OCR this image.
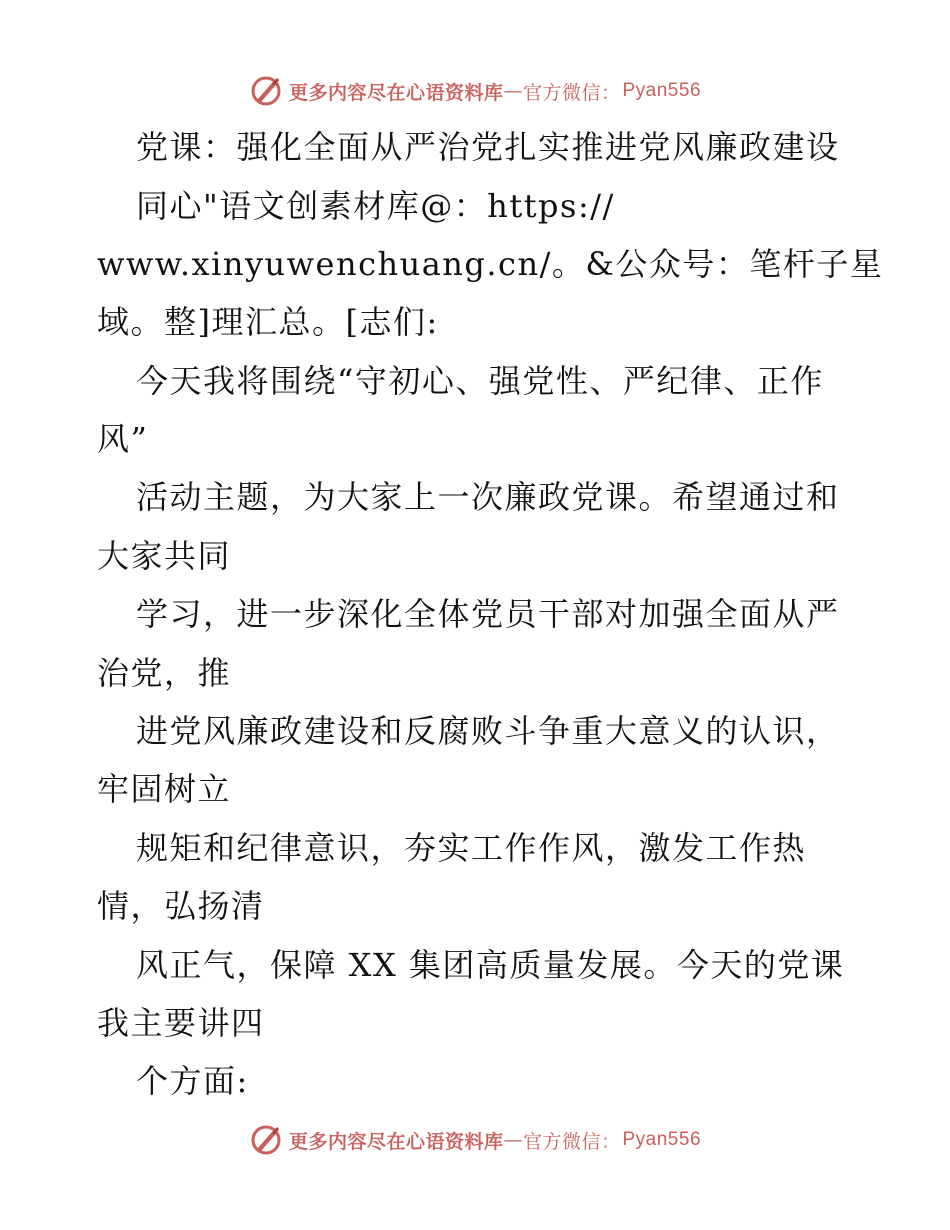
更多内容尽在心语资料库 — 官方微信： Pyan556
党课：强化全面从严治党扎实推进党风廉政建设
同心"语文创素材库@：https://
www.xinyuwenchuang.cn/。&公众号：笔杆子星
域。整]理汇总。[志们:
今天我将围绕“守初心、强党性、严纪律、正作
风”
活动主题，为大家上一次廉政党课。希望通过和
大家共同
学习，进一步深化全体党员干部对加强全面从严
治党，推
进党风廉政建设和反腐败斗争重大意义的认识，
牢固树立
规矩和纪律意识，夯实工作作风，激发工作热
情，弘扬清
风正气，保障 XX 集团高质量发展。今天的党课
我主要讲四
个方面:
更多内容尽在心语资料库 — 官方微信： Pyan556
